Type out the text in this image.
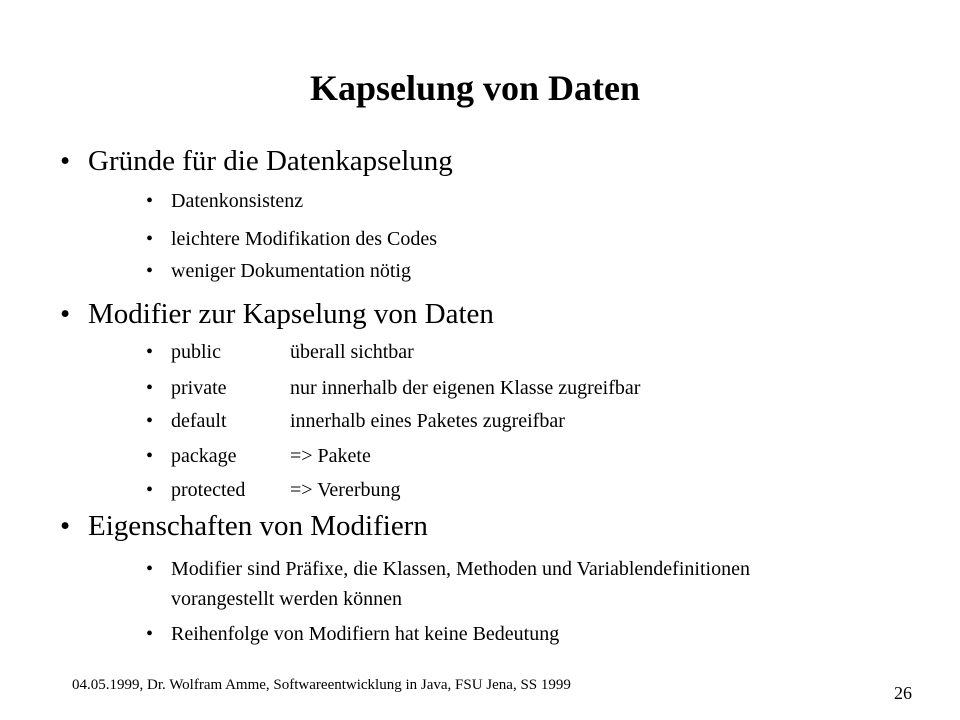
Kapselung von Daten
• Gründe für die Datenkapselung
• Datenkonsistenz
• leichtere Modifikation des Codes
• weniger Dokumentation nötig
• Modifier zur Kapselung von Daten
• public	überall sichtbar
• private	nur innerhalb der eigenen Klasse zugreifbar
• default	innerhalb eines Paketes zugreifbar
• package	=> Pakete
• protected => Vererbung
• Eigenschaften von Modifiern
• Modifier sind Präfixe, die Klassen, Methoden und Variablendefinitionen
vorangestellt werden können
• Reihenfolge von Modifiern hat keine Bedeutung
04.05.1999, Dr. Wolfram Amme, Softwareentwicklung in Java, FSU Jena, SS 1999	26
